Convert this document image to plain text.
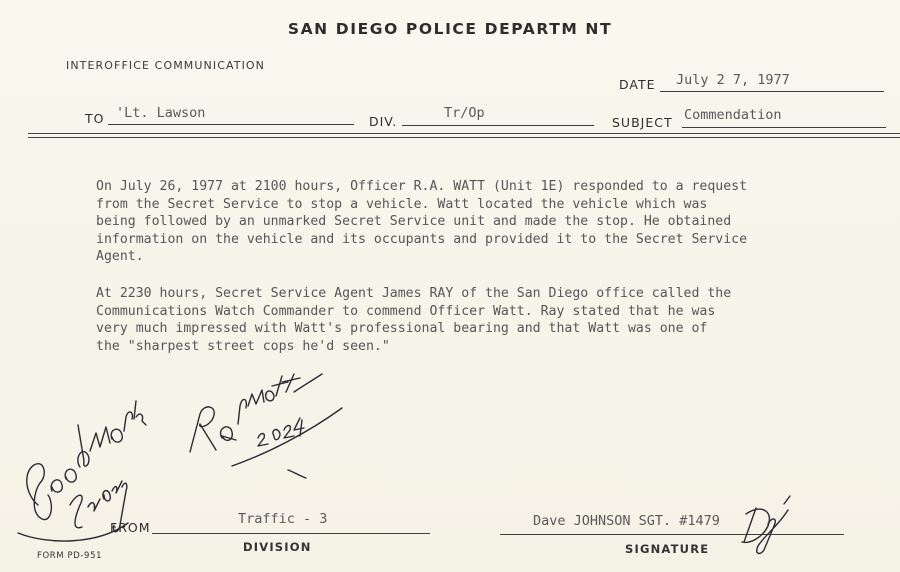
SAN DIEGO POLICE DEPARTM NT
INTEROFFICE COMMUNICATION
DATE July 2 7, 1977
TO 'Lt. Lawson
DIV.
Tr/Op
SUBJECT Commendation
On July 26, 1977 at 2100 hours, Officer R.A. WATT (Unit 1E) responded to a request
from the Secret Service to stop a vehicle. Watt located the vehicle which was
being followed by an unmarked Secret Service unit and made the stop. He obtained
information on the vehicle and its occupants and provided it to the Secret Service
Agent.
At 2230 hours, Secret Service Agent James RAY of the San Diego office called the
Communications Watch Commander to commend Officer Watt. Ray stated that he was
very much impressed with Watt's professional bearing and that Watt was one of
the "sharpest street cops he'd seen."
FROM
Traffic - 3
DIVISION
Dave JOHNSON SGT. #1479
SIGNATURE
FORM PD-951
